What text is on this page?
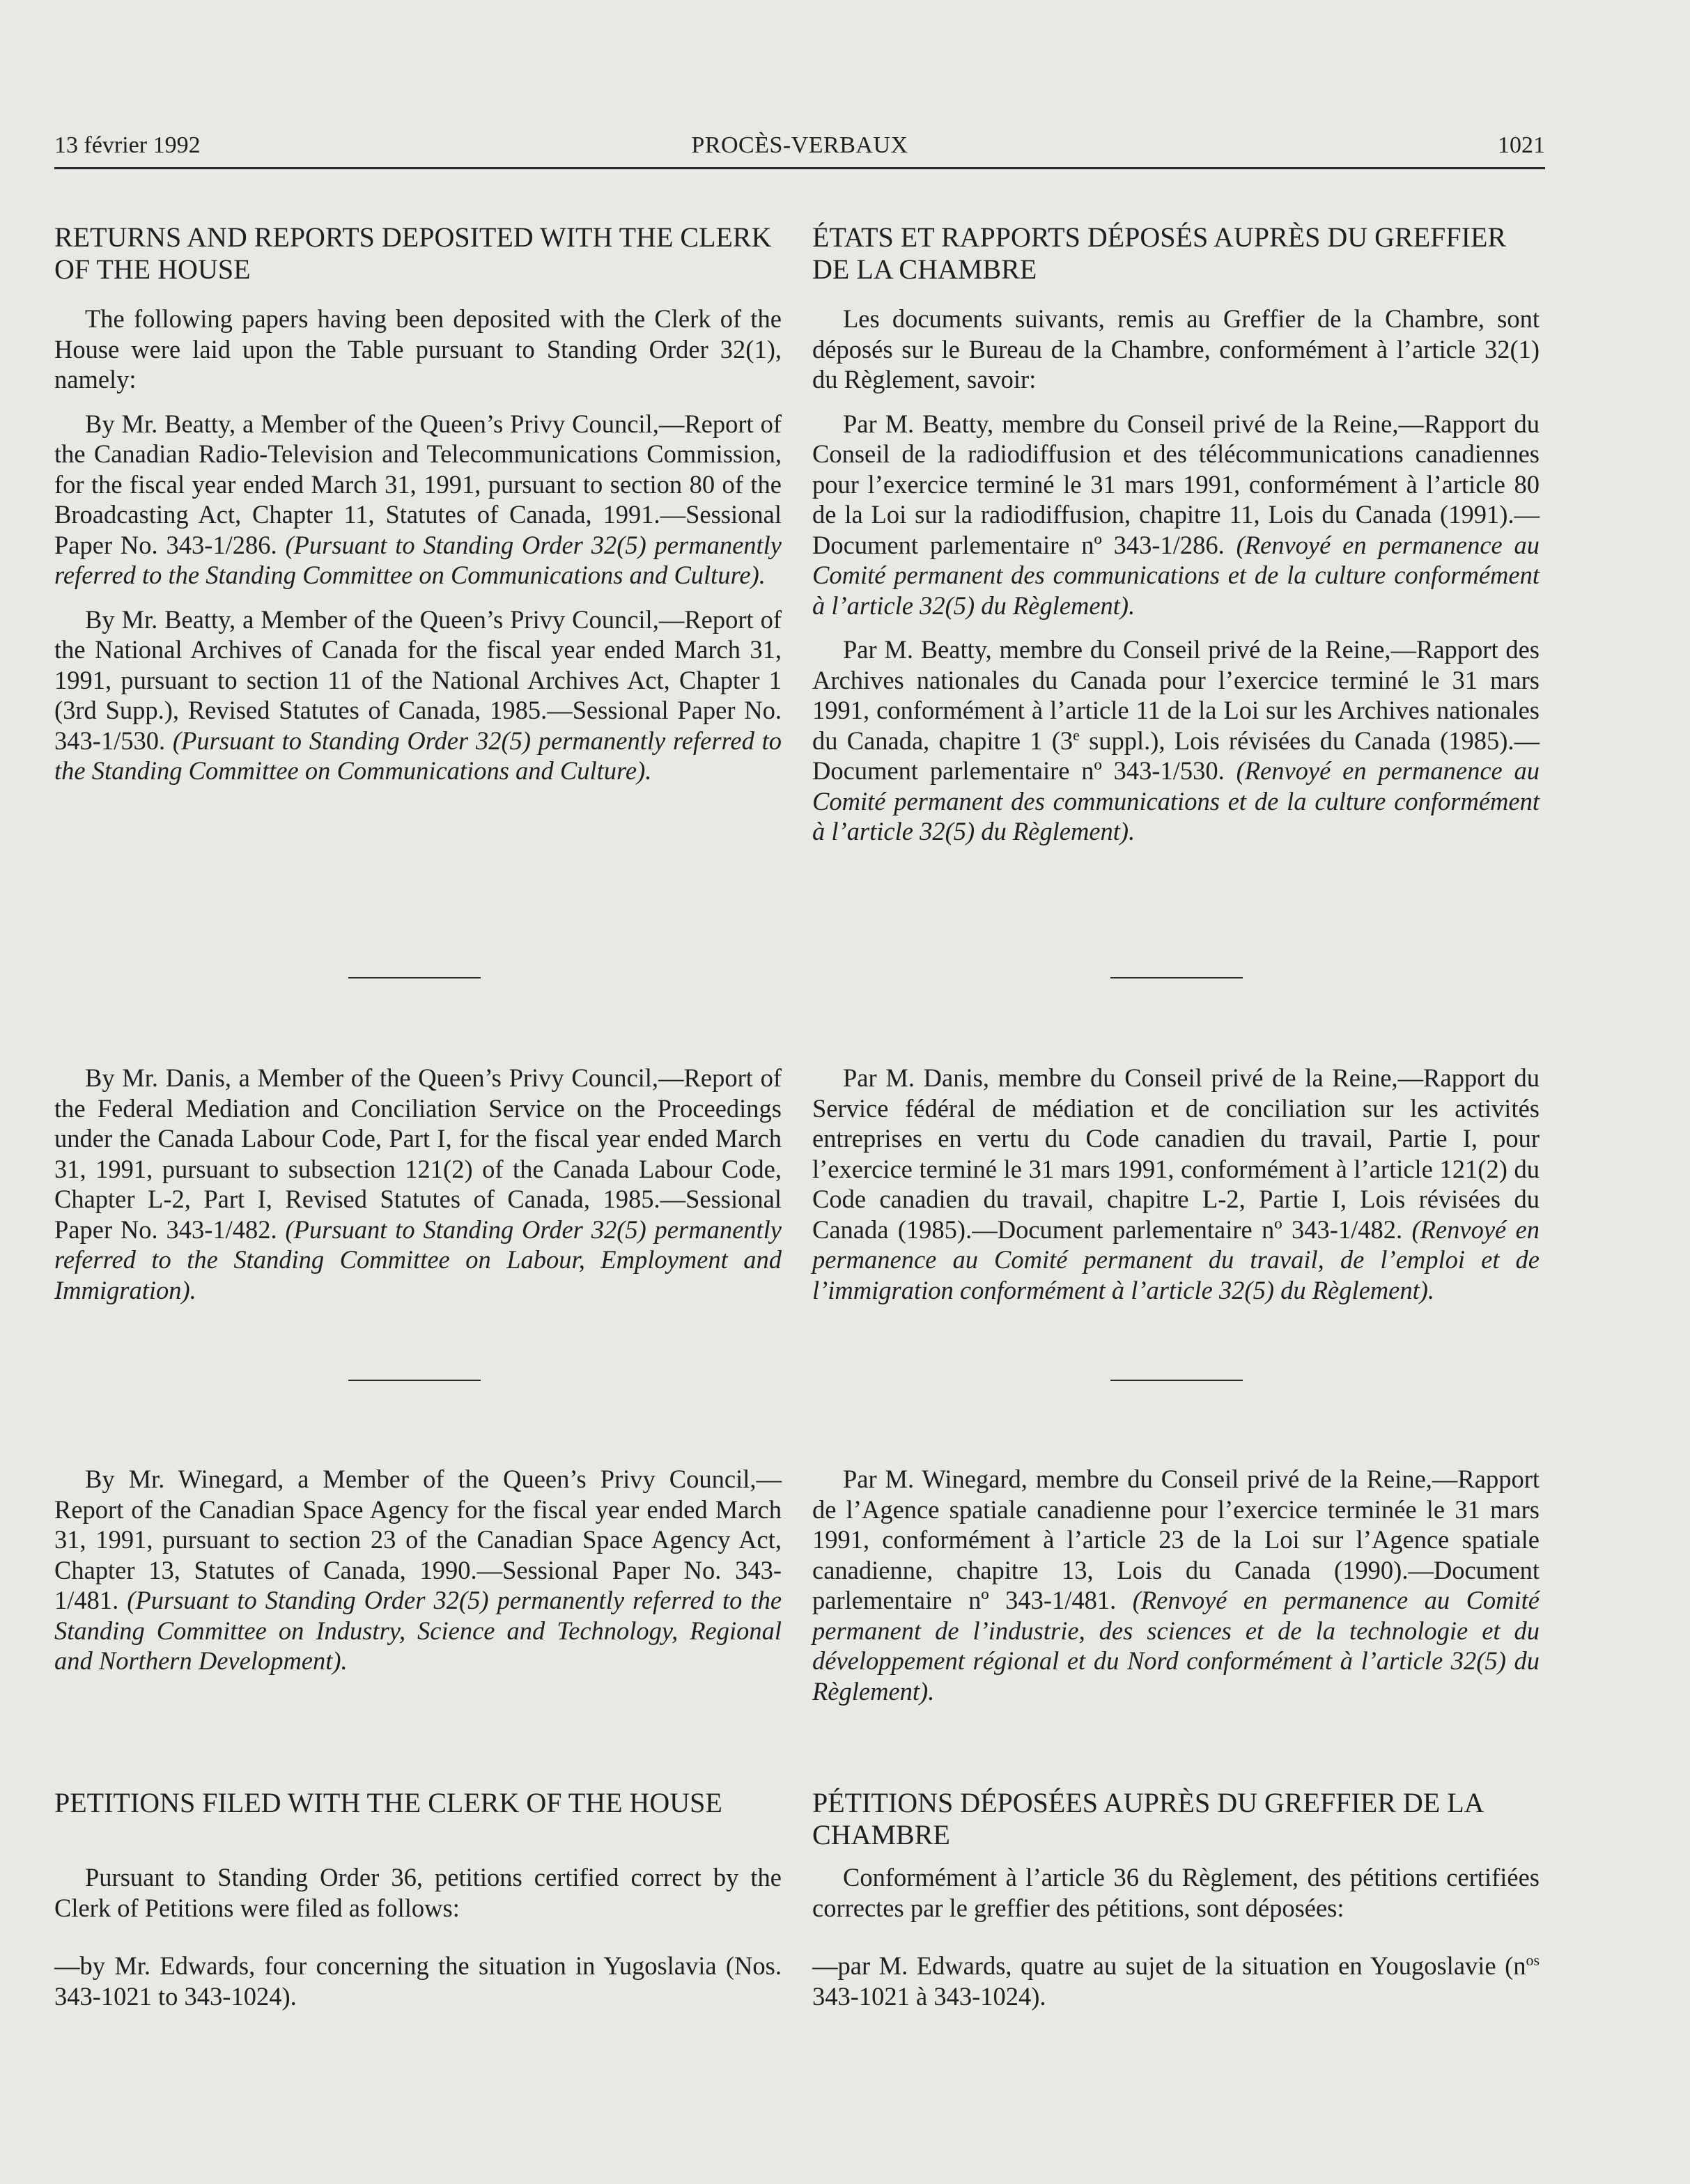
13 février 1992	PROCÈS-VERBAUX	1021
RETURNS AND REPORTS DEPOSITED WITH THE CLERK OF THE HOUSE

The following papers having been deposited with the Clerk of the House were laid upon the Table pursuant to Standing Order 32(1), namely:

By Mr. Beatty, a Member of the Queen’s Privy Council,—Report of the Canadian Radio-Television and Telecommunications Commission, for the fiscal year ended March 31, 1991, pursuant to section 80 of the Broadcasting Act, Chapter 11, Statutes of Canada, 1991.—Sessional Paper No. 343-1/286. (Pursuant to Standing Order 32(5) permanently referred to the Standing Committee on Communications and Culture).

By Mr. Beatty, a Member of the Queen’s Privy Council,—Report of the National Archives of Canada for the fiscal year ended March 31, 1991, pursuant to section 11 of the National Archives Act, Chapter 1 (3rd Supp.), Revised Statutes of Canada, 1985.—Sessional Paper No. 343-1/530. (Pursuant to Standing Order 32(5) permanently referred to the Standing Committee on Communications and Culture).

ÉTATS ET RAPPORTS DÉPOSÉS AUPRÈS DU GREFFIER DE LA CHAMBRE

Les documents suivants, remis au Greffier de la Chambre, sont déposés sur le Bureau de la Chambre, conformément à l’article 32(1) du Règlement, savoir:

Par M. Beatty, membre du Conseil privé de la Reine,—Rapport du Conseil de la radiodiffusion et des télécommunications canadiennes pour l’exercice terminé le 31 mars 1991, conformément à l’article 80 de la Loi sur la radiodiffusion, chapitre 11, Lois du Canada (1991).—Document parlementaire nº 343-1/286. (Renvoyé en permanence au Comité permanent des communications et de la culture conformément à l’article 32(5) du Règlement).

Par M. Beatty, membre du Conseil privé de la Reine,—Rapport des Archives nationales du Canada pour l’exercice terminé le 31 mars 1991, conformément à l’article 11 de la Loi sur les Archives nationales du Canada, chapitre 1 (3e suppl.), Lois révisées du Canada (1985).—Document parlementaire nº 343-1/530. (Renvoyé en permanence au Comité permanent des communications et de la culture conformément à l’article 32(5) du Règlement).

By Mr. Danis, a Member of the Queen’s Privy Council,—Report of the Federal Mediation and Conciliation Service on the Proceedings under the Canada Labour Code, Part I, for the fiscal year ended March 31, 1991, pursuant to subsection 121(2) of the Canada Labour Code, Chapter L-2, Part I, Revised Statutes of Canada, 1985.—Sessional Paper No. 343-1/482. (Pursuant to Standing Order 32(5) permanently referred to the Standing Committee on Labour, Employment and Immigration).

Par M. Danis, membre du Conseil privé de la Reine,—Rapport du Service fédéral de médiation et de conciliation sur les activités entreprises en vertu du Code canadien du travail, Partie I, pour l’exercice terminé le 31 mars 1991, conformément à l’article 121(2) du Code canadien du travail, chapitre L-2, Partie I, Lois révisées du Canada (1985).—Document parlementaire nº 343-1/482. (Renvoyé en permanence au Comité permanent du travail, de l’emploi et de l’immigration conformément à l’article 32(5) du Règlement).

By Mr. Winegard, a Member of the Queen’s Privy Council,—Report of the Canadian Space Agency for the fiscal year ended March 31, 1991, pursuant to section 23 of the Canadian Space Agency Act, Chapter 13, Statutes of Canada, 1990.—Sessional Paper No. 343-1/481. (Pursuant to Standing Order 32(5) permanently referred to the Standing Committee on Industry, Science and Technology, Regional and Northern Development).

Par M. Winegard, membre du Conseil privé de la Reine,—Rapport de l’Agence spatiale canadienne pour l’exercice terminée le 31 mars 1991, conformément à l’article 23 de la Loi sur l’Agence spatiale canadienne, chapitre 13, Lois du Canada (1990).—Document parlementaire nº 343-1/481. (Renvoyé en permanence au Comité permanent de l’industrie, des sciences et de la technologie et du développement régional et du Nord conformément à l’article 32(5) du Règlement).

PETITIONS FILED WITH THE CLERK OF THE HOUSE

Pursuant to Standing Order 36, petitions certified correct by the Clerk of Petitions were filed as follows:

—by Mr. Edwards, four concerning the situation in Yugoslavia (Nos. 343-1021 to 343-1024).

PÉTITIONS DÉPOSÉES AUPRÈS DU GREFFIER DE LA CHAMBRE

Conformément à l’article 36 du Règlement, des pétitions certifiées correctes par le greffier des pétitions, sont déposées:

—par M. Edwards, quatre au sujet de la situation en Yougoslavie ($n^{os}$ 343-1021 à 343-1024).
